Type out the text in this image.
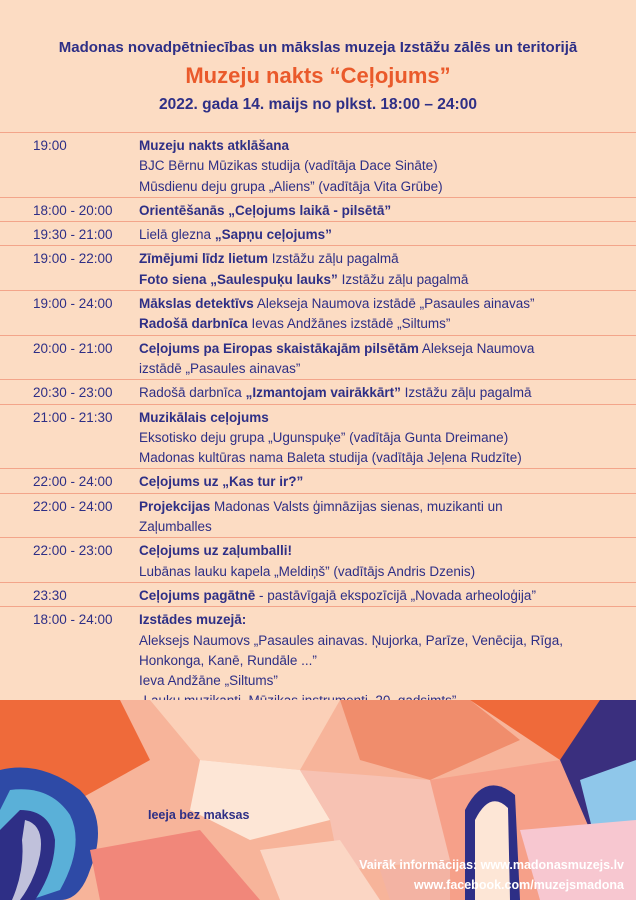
Madonas novadpētniecības un mākslas muzeja Izstāžu zālēs un teritorijā
Muzeju nakts “Ceļojums”
2022. gada 14. maijs no plkst. 18:00 – 24:00
19:00	Muzeju nakts atklāšana
BJC Bērnu Mūzikas studija (vadītāja Dace Sināte)
Mūsdienu deju grupa „Aliens” (vadītāja Vita Grūbe)
18:00 - 20:00 Orientēšanās „Ceļojums laikā - pilsētā”
19:30 - 21:00 Lielā glezna „Sapņu ceļojums”
19:00 - 22:00 Zīmējumi līdz lietum Izstāžu zāļu pagalmā
Foto siena „Saulespuķu lauks” Izstāžu zāļu pagalmā
19:00 - 24:00 Mākslas detektīvs Alekseja Naumova izstādē „Pasaules ainavas”
Radošā darbnīca Ievas Andžānes izstādē „Siltums”
20:00 - 21:00 Ceļojums pa Eiropas skaistākajām pilsētām Alekseja Naumova
izstādē „Pasaules ainavas”
20:30 - 23:00 Radošā darbnīca „Izmantojam vairākkārt” Izstāžu zāļu pagalmā
21:00 - 21:30 Muzikālais ceļojums
Eksotisko deju grupa „Ugunspuķe” (vadītāja Gunta Dreimane)
Madonas kultūras nama Baleta studija (vadītāja Jeļena Rudzīte)
22:00 - 24:00 Ceļojums uz „Kas tur ir?”
22:00 - 24:00 Projekcijas Madonas Valsts ģimnāzijas sienas, muzikanti un
Zaļumballes
22:00 - 23:00 Ceļojums uz zaļumballi!
Lubānas lauku kapela „Meldiņš” (vadītājs Andris Dzenis)
23:30	Ceļojums pagātnē - pastāvīgajā ekspozīcijā „Novada arheoloģija”
18:00 - 24:00 Izstādes muzejā:
Aleksejs Naumovs „Pasaules ainavas. Ņujorka, Parīze, Venēcija, Rīga,
Honkonga, Kanē, Rundāle ...”
Ieva Andžāne „Siltums”
Ieeja bez maksas
Vairāk informācijas: www.madonasmuzejs.lv
www.facebook.com/muzejsmadona
